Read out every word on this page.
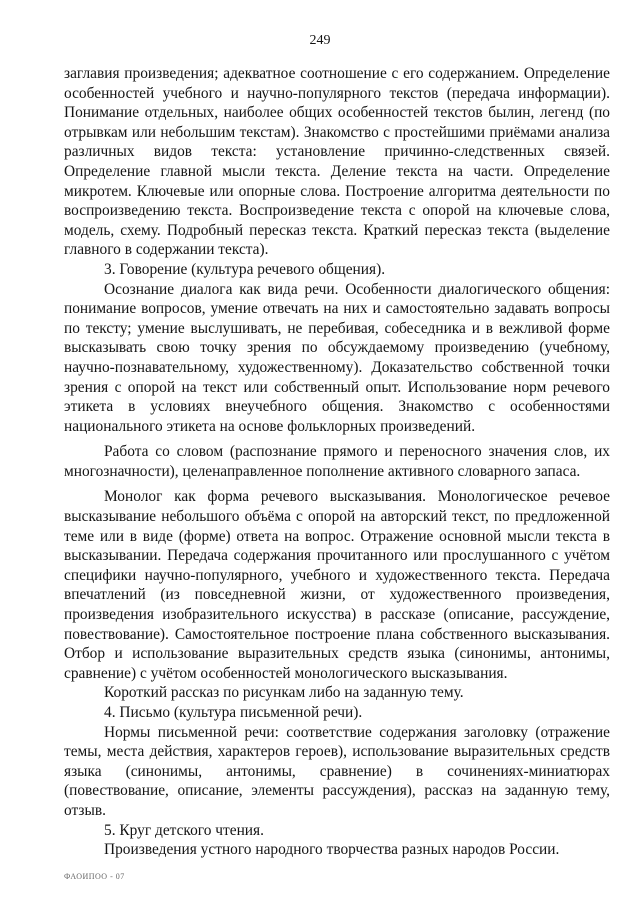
249

заглавия произведения; адекватное соотношение с его содержанием. Определение особенностей учебного и научно-популярного текстов (передача информации). Понимание отдельных, наиболее общих особенностей текстов былин, легенд (по отрывкам или небольшим текстам). Знакомство с простейшими приёмами анализа различных видов текста: установление причинно-следственных связей. Определение главной мысли текста. Деление текста на части. Определение микротем. Ключевые или опорные слова. Построение алгоритма деятельности по воспроизведению текста. Воспроизведение текста с опорой на ключевые слова, модель, схему. Подробный пересказ текста. Краткий пересказ текста (выделение главного в содержании текста).

3. Говорение (культура речевого общения).

Осознание диалога как вида речи. Особенности диалогического общения: понимание вопросов, умение отвечать на них и самостоятельно задавать вопросы по тексту; умение выслушивать, не перебивая, собеседника и в вежливой форме высказывать свою точку зрения по обсуждаемому произведению (учебному, научно-познавательному, художественному). Доказательство собственной точки зрения с опорой на текст или собственный опыт. Использование норм речевого этикета в условиях внеучебного общения. Знакомство с особенностями национального этикета на основе фольклорных произведений.

Работа со словом (распознание прямого и переносного значения слов, их многозначности), целенаправленное пополнение активного словарного запаса.

Монолог как форма речевого высказывания. Монологическое речевое высказывание небольшого объёма с опорой на авторский текст, по предложенной теме или в виде (форме) ответа на вопрос. Отражение основной мысли текста в высказывании. Передача содержания прочитанного или прослушанного с учётом специфики научно-популярного, учебного и художественного текста. Передача впечатлений (из повседневной жизни, от художественного произведения, произведения изобразительного искусства) в рассказе (описание, рассуждение, повествование). Самостоятельное построение плана собственного высказывания. Отбор и использование выразительных средств языка (синонимы, антонимы, сравнение) с учётом особенностей монологического высказывания.

Короткий рассказ по рисункам либо на заданную тему.

4. Письмо (культура письменной речи).

Нормы письменной речи: соответствие содержания заголовку (отражение темы, места действия, характеров героев), использование выразительных средств языка (синонимы, антонимы, сравнение) в сочинениях-миниатюрах (повествование, описание, элементы рассуждения), рассказ на заданную тему, отзыв.

5. Круг детского чтения.

Произведения устного народного творчества разных народов России.

ФАОИПОО - 07
